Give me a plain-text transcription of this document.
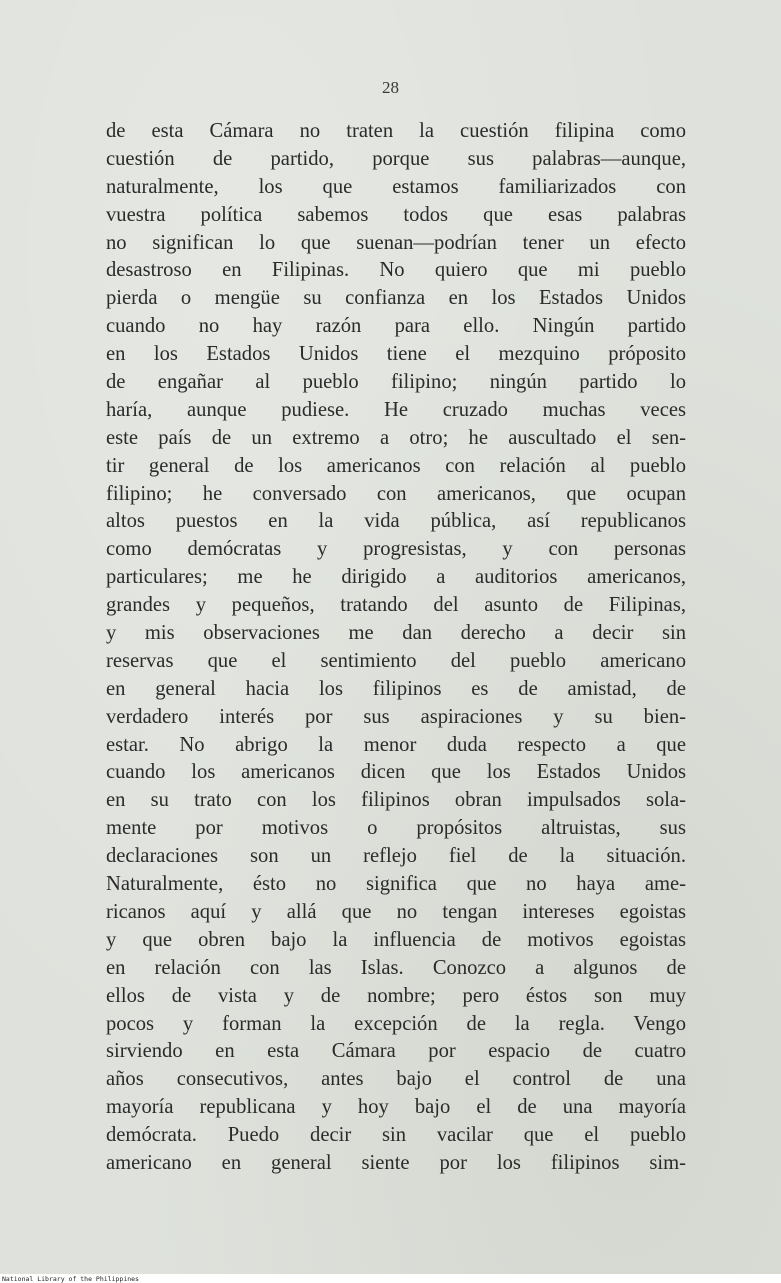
28
de esta Cámara no traten la cuestión filipina como
cuestión de partido, porque sus palabras—aunque,
naturalmente, los que estamos familiarizados con
vuestra política sabemos todos que esas palabras
no significan lo que suenan—podrían tener un efecto
desastroso en Filipinas. No quiero que mi pueblo
pierda o mengüe su confianza en los Estados Unidos
cuando no hay razón para ello. Ningún partido
en los Estados Unidos tiene el mezquino próposito
de engañar al pueblo filipino; ningún partido lo
haría, aunque pudiese. He cruzado muchas veces
este país de un extremo a otro; he auscultado el sen-
tir general de los americanos con relación al pueblo
filipino; he conversado con americanos, que ocupan
altos puestos en la vida pública, así republicanos
como demócratas y progresistas, y con personas
particulares; me he dirigido a auditorios americanos,
grandes y pequeños, tratando del asunto de Filipinas,
y mis observaciones me dan derecho a decir sin
reservas que el sentimiento del pueblo americano
en general hacia los filipinos es de amistad, de
verdadero interés por sus aspiraciones y su bien-
estar. No abrigo la menor duda respecto a que
cuando los americanos dicen que los Estados Unidos
en su trato con los filipinos obran impulsados sola-
mente por motivos o propósitos altruistas, sus
declaraciones son un reflejo fiel de la situación.
Naturalmente, ésto no significa que no haya ame-
ricanos aquí y allá que no tengan intereses egoistas
y que obren bajo la influencia de motivos egoistas
en relación con las Islas. Conozco a algunos de
ellos de vista y de nombre; pero éstos son muy
pocos y forman la excepción de la regla. Vengo
sirviendo en esta Cámara por espacio de cuatro
años consecutivos, antes bajo el control de una
mayoría republicana y hoy bajo el de una mayoría
demócrata. Puedo decir sin vacilar que el pueblo
americano en general siente por los filipinos sim-
National Library of the Philippines
